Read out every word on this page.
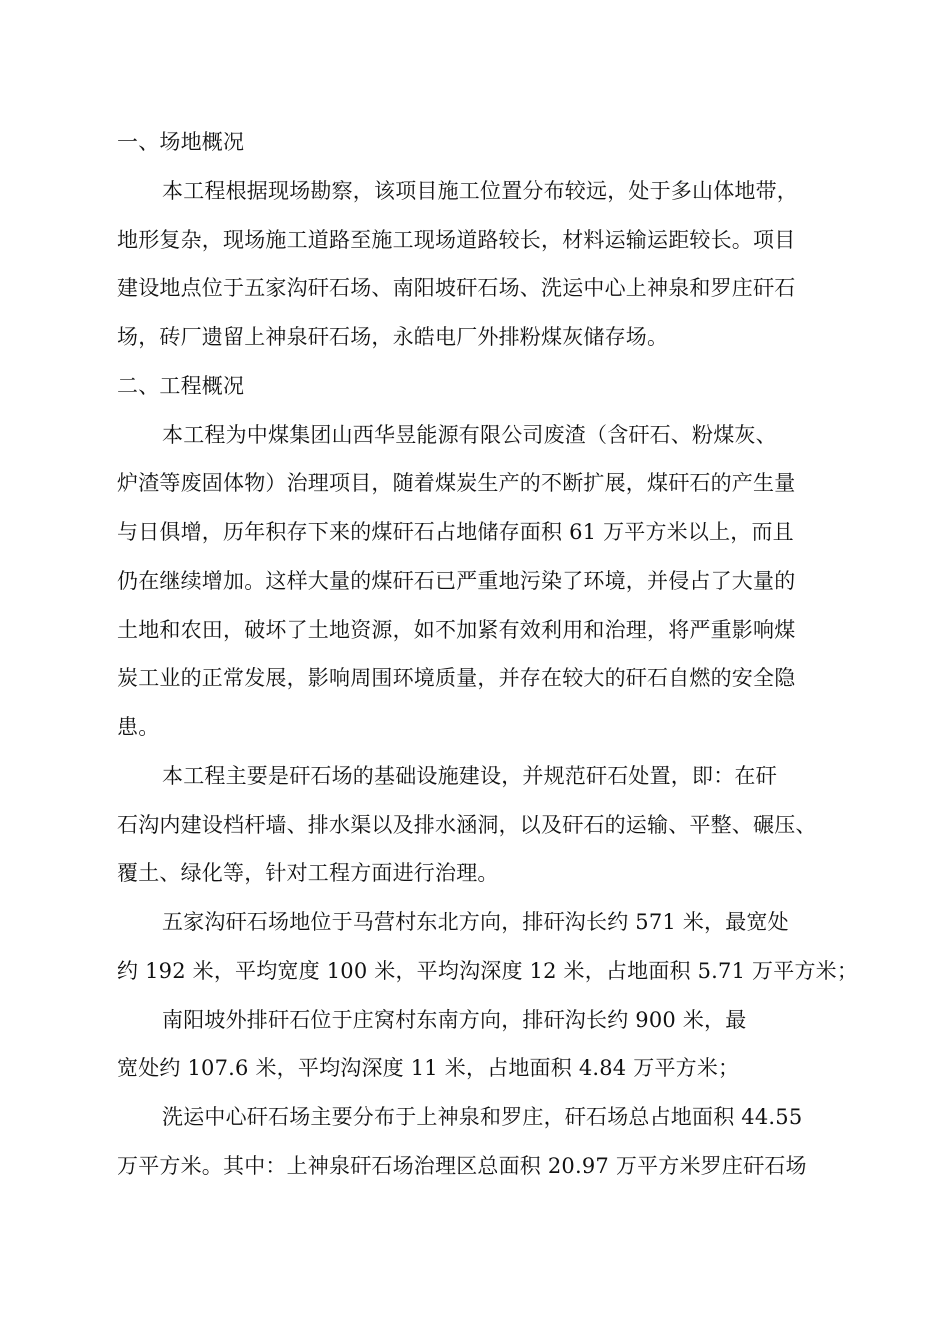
一、场地概况
本工程根据现场勘察，该项目施工位置分布较远，处于多山体地带，
地形复杂，现场施工道路至施工现场道路较长，材料运输运距较长。项目
建设地点位于五家沟矸石场、南阳坡矸石场、洗运中心上神泉和罗庄矸石
场，砖厂遗留上神泉矸石场，永皓电厂外排粉煤灰储存场。
二、工程概况
本工程为中煤集团山西华昱能源有限公司废渣（含矸石、粉煤灰、
炉渣等废固体物）治理项目，随着煤炭生产的不断扩展，煤矸石的产生量
与日俱增，历年积存下来的煤矸石占地储存面积 61 万平方米以上，而且
仍在继续增加。这样大量的煤矸石已严重地污染了环境，并侵占了大量的
土地和农田，破坏了土地资源，如不加紧有效利用和治理，将严重影响煤
炭工业的正常发展，影响周围环境质量，并存在较大的矸石自燃的安全隐
患。
本工程主要是矸石场的基础设施建设，并规范矸石处置，即：在矸
石沟内建设档杆墙、排水渠以及排水涵洞，以及矸石的运输、平整、碾压、
覆土、绿化等，针对工程方面进行治理。
五家沟矸石场地位于马营村东北方向，排矸沟长约 571 米，最宽处
约 192 米，平均宽度 100 米，平均沟深度 12 米，占地面积 5.71 万平方米；
南阳坡外排矸石位于庄窝村东南方向，排矸沟长约 900 米，最
宽处约 107.6 米，平均沟深度 11 米，占地面积 4.84 万平方米；
洗运中心矸石场主要分布于上神泉和罗庄，矸石场总占地面积 44.55
万平方米。其中：上神泉矸石场治理区总面积 20.97 万平方米罗庄矸石场
